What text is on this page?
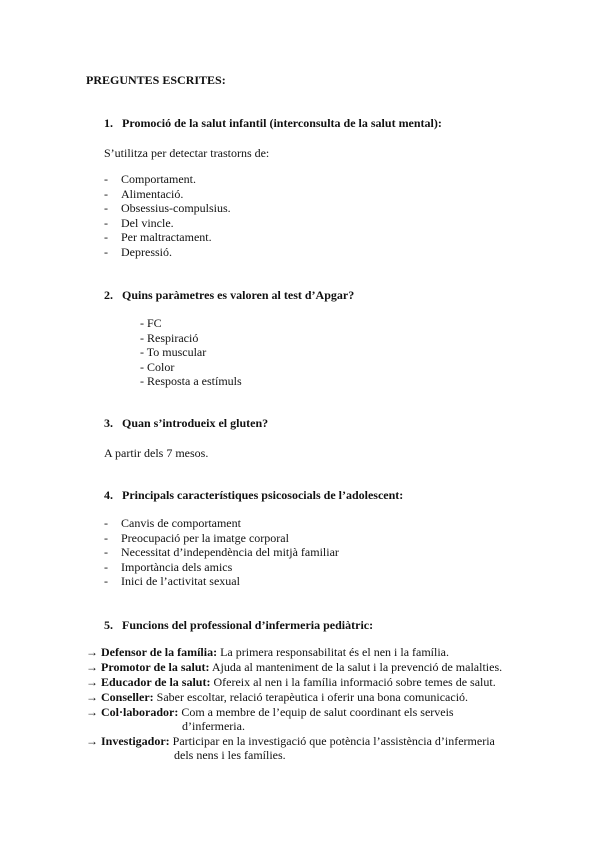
PREGUNTES ESCRITES:
1. Promoció de la salut infantil (interconsulta de la salut mental):
S’utilitza per detectar trastorns de:
- Comportament.
- Alimentació.
- Obsessius-compulsius.
- Del vincle.
- Per maltractament.
- Depressió.
2. Quins paràmetres es valoren al test d’Apgar?
- FC
- Respiració
- To muscular
- Color
- Resposta a estímuls
3. Quan s’introdueix el gluten?
A partir dels 7 mesos.
4. Principals característiques psicosocials de l’adolescent:
- Canvis de comportament
- Preocupació per la imatge corporal
- Necessitat d’independència del mitjà familiar
- Importància dels amics
- Inici de l’activitat sexual
5. Funcions del professional d’infermeria pediàtric:
→ Defensor de la família: La primera responsabilitat és el nen i la família.
→ Promotor de la salut: Ajuda al manteniment de la salut i la prevenció de malalties.
→ Educador de la salut: Ofereix al nen i la família informació sobre temes de salut.
→ Conseller: Saber escoltar, relació terapèutica i oferir una bona comunicació.
→ Col·laborador: Com a membre de l’equip de salut coordinant els serveis
d’infermeria.
→ Investigador: Participar en la investigació que potència l’assistència d’infermeria
dels nens i les famílies.
